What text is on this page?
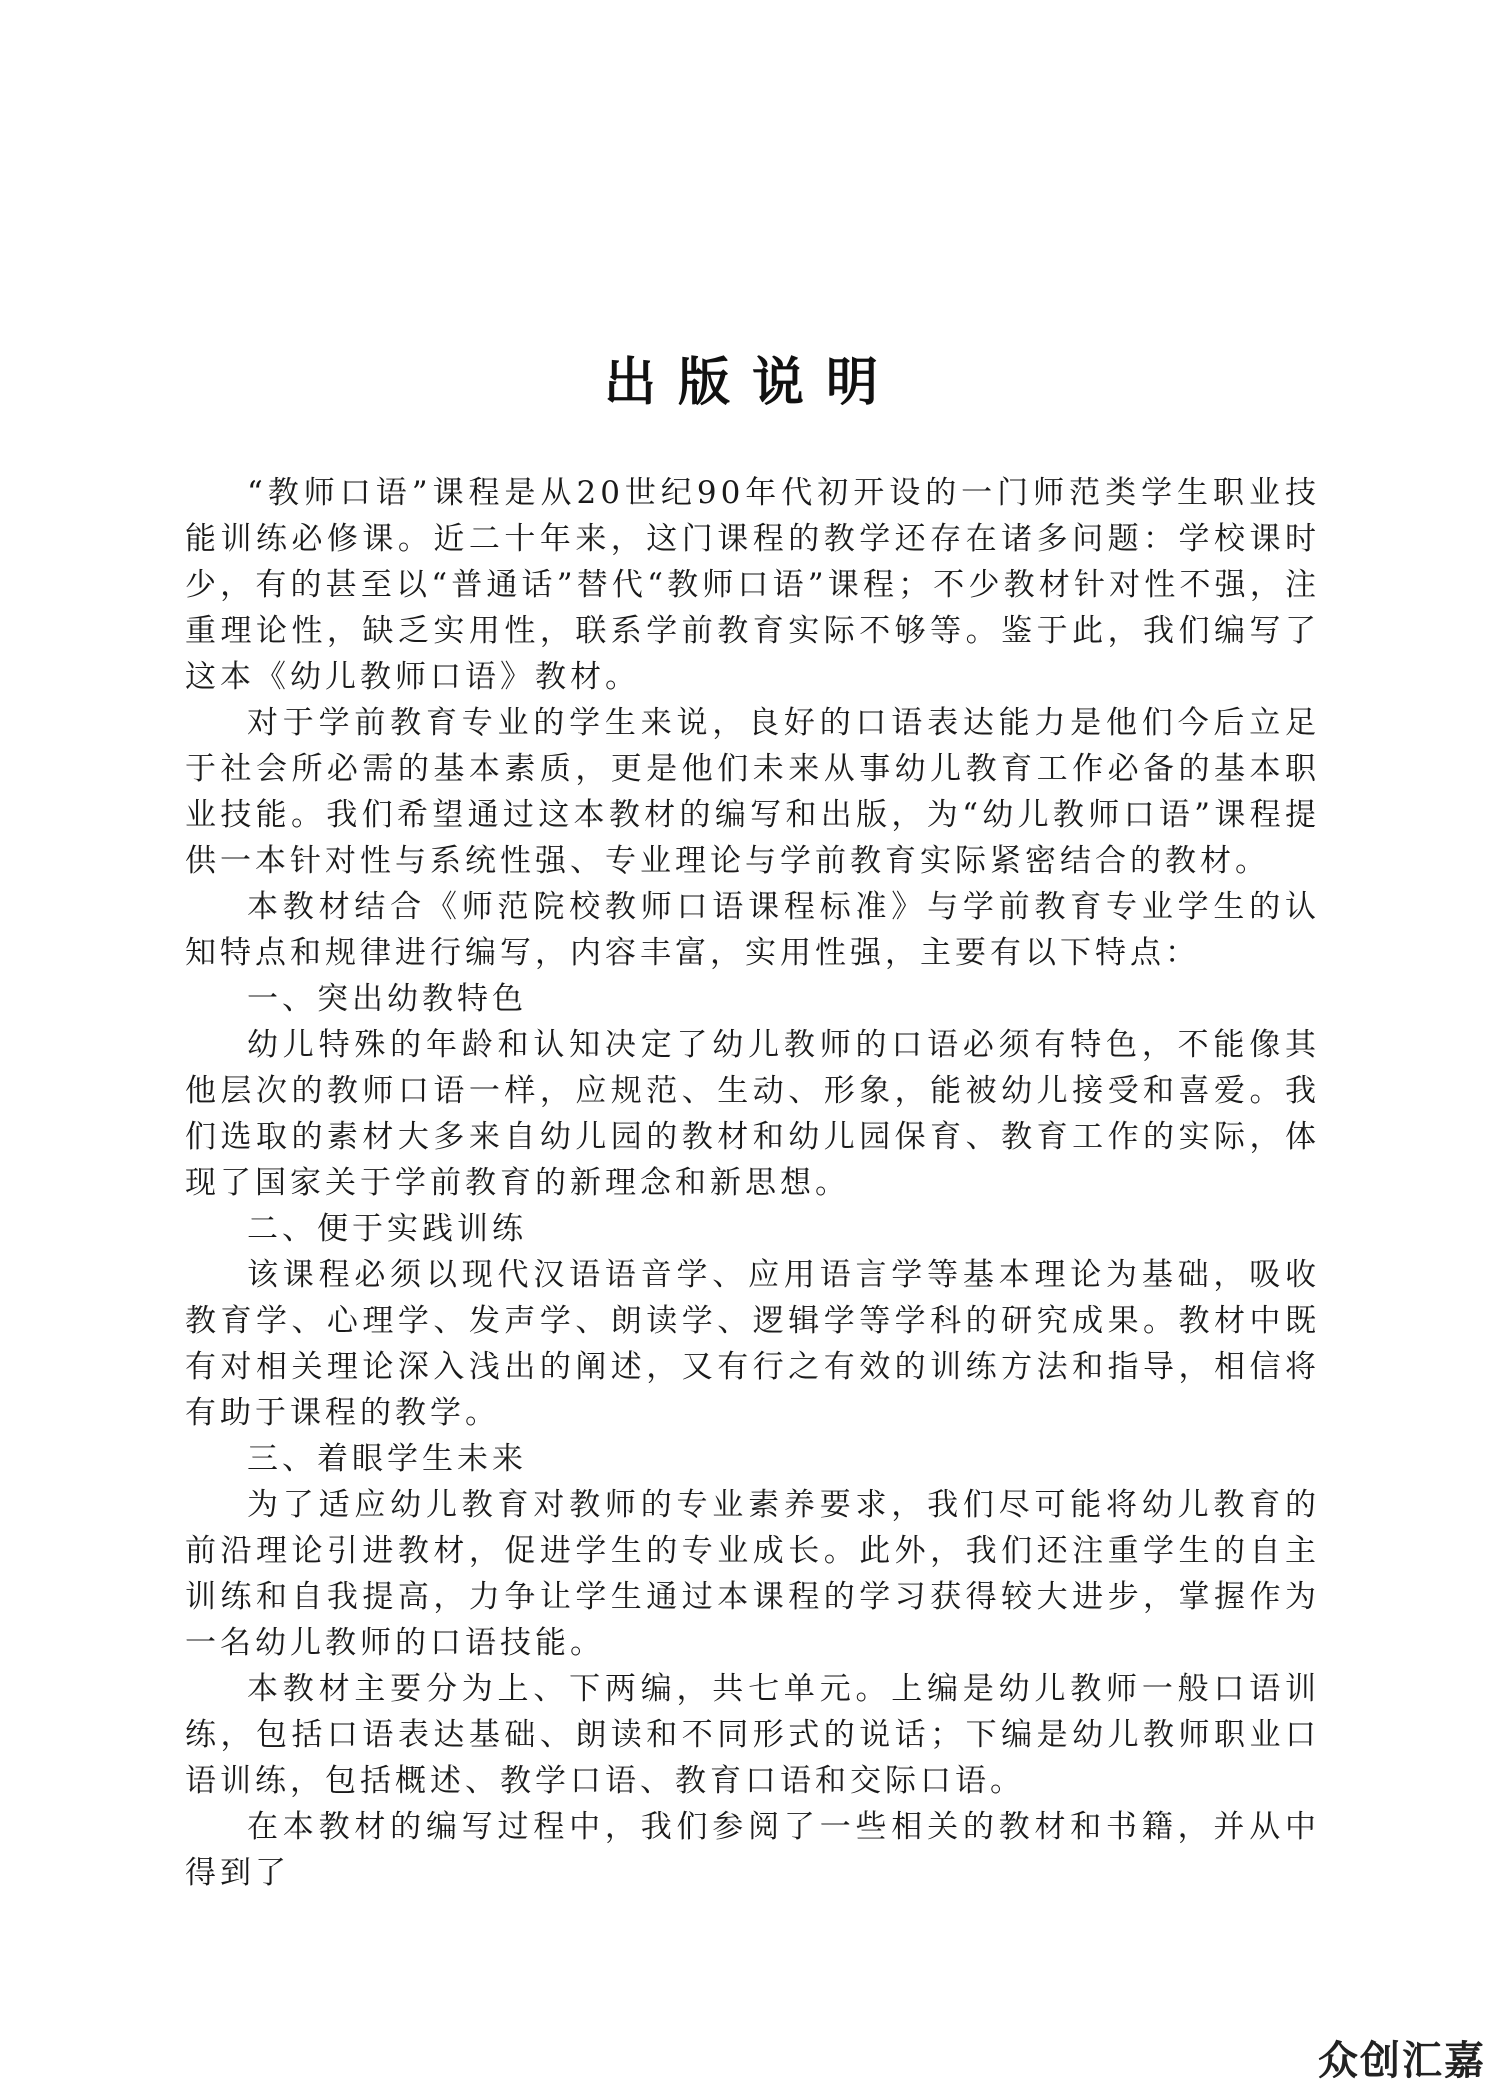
出版说明

“教师口语”课程是从20世纪90年代初开设的一门师范类学生职业技能训练必修课。近二十年来，这门课程的教学还存在诸多问题：学校课时少，有的甚至以“普通话”替代“教师口语”课程；不少教材针对性不强，注重理论性，缺乏实用性，联系学前教育实际不够等。鉴于此，我们编写了这本《幼儿教师口语》教材。

对于学前教育专业的学生来说，良好的口语表达能力是他们今后立足于社会所必需的基本素质，更是他们未来从事幼儿教育工作必备的基本职业技能。我们希望通过这本教材的编写和出版，为“幼儿教师口语”课程提供一本针对性与系统性强、专业理论与学前教育实际紧密结合的教材。

本教材结合《师范院校教师口语课程标准》与学前教育专业学生的认知特点和规律进行编写，内容丰富，实用性强，主要有以下特点：

一、突出幼教特色

幼儿特殊的年龄和认知决定了幼儿教师的口语必须有特色，不能像其他层次的教师口语一样，应规范、生动、形象，能被幼儿接受和喜爱。我们选取的素材大多来自幼儿园的教材和幼儿园保育、教育工作的实际，体现了国家关于学前教育的新理念和新思想。

二、便于实践训练

该课程必须以现代汉语语音学、应用语言学等基本理论为基础，吸收教育学、心理学、发声学、朗读学、逻辑学等学科的研究成果。教材中既有对相关理论深入浅出的阐述，又有行之有效的训练方法和指导，相信将有助于课程的教学。

三、着眼学生未来

为了适应幼儿教育对教师的专业素养要求，我们尽可能将幼儿教育的前沿理论引进教材，促进学生的专业成长。此外，我们还注重学生的自主训练和自我提高，力争让学生通过本课程的学习获得较大进步，掌握作为一名幼儿教师的口语技能。

本教材主要分为上、下两编，共七单元。上编是幼儿教师一般口语训练，包括口语表达基础、朗读和不同形式的说话；下编是幼儿教师职业口语训练，包括概述、教学口语、教育口语和交际口语。

在本教材的编写过程中，我们参阅了一些相关的教材和书籍，并从中得到了

众创汇嘉
